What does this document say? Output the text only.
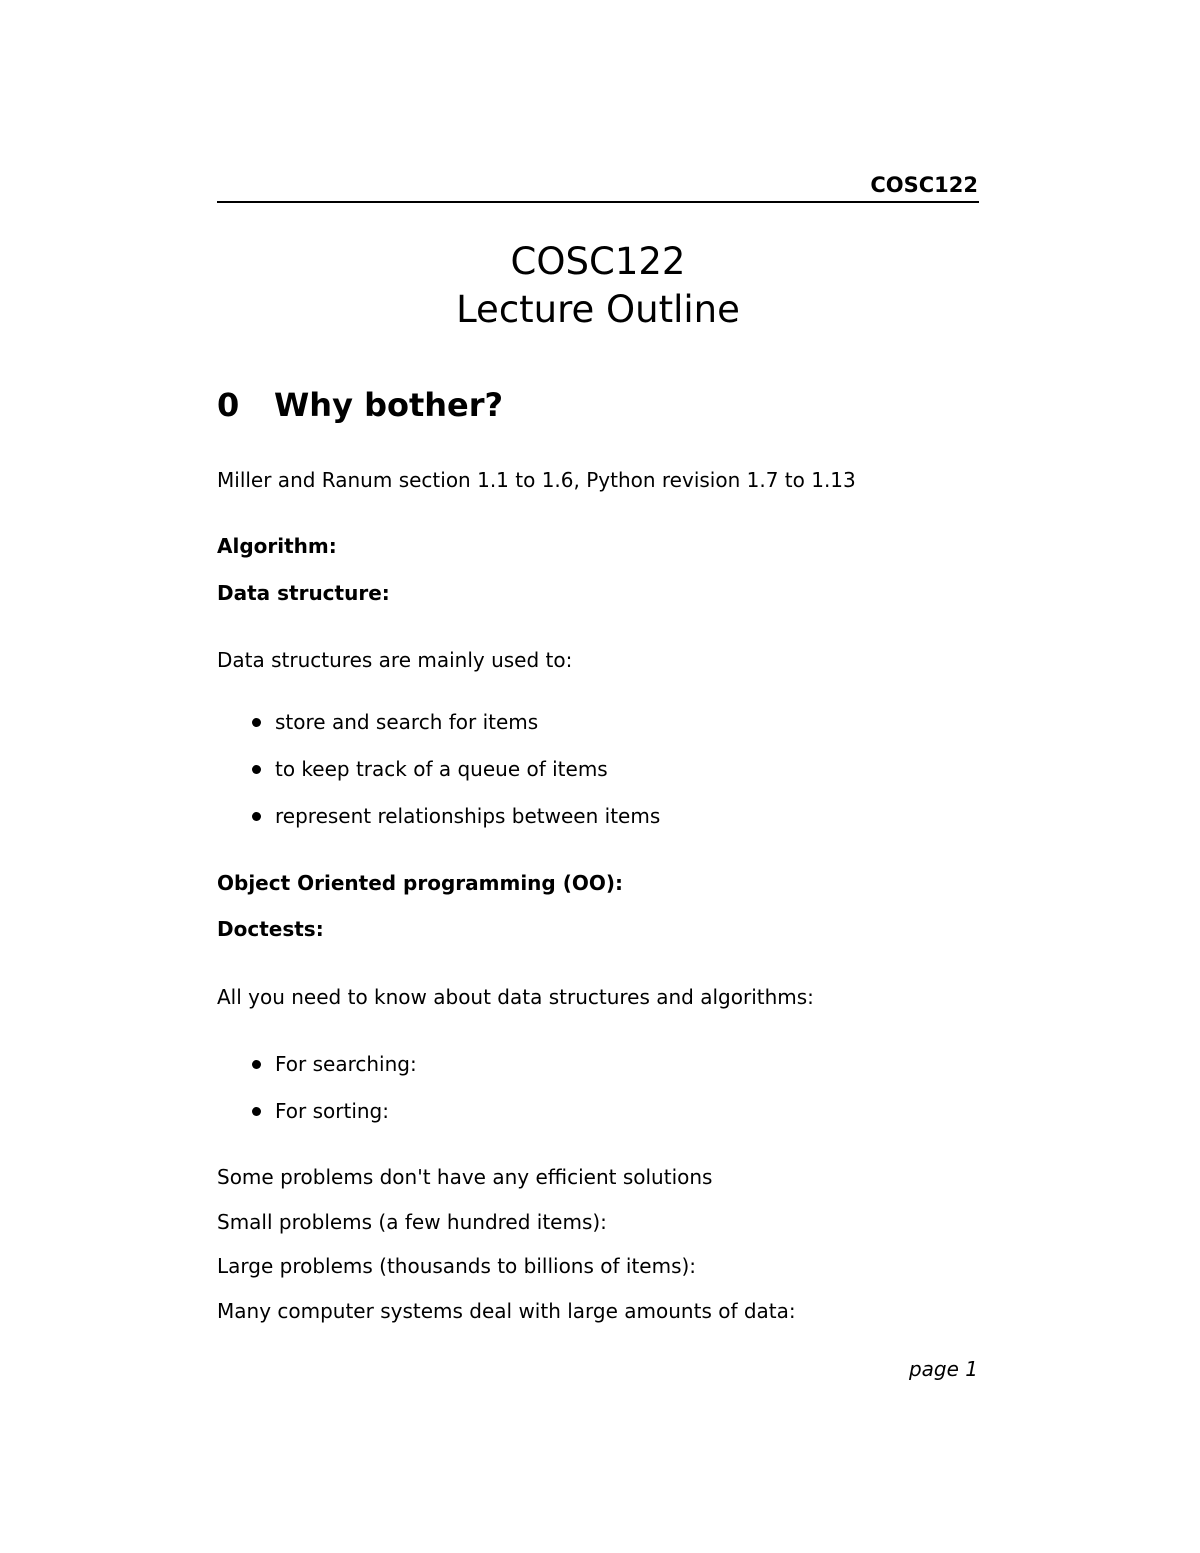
COSC122
COSC122
Lecture Outline
0 Why bother?
Miller and Ranum section 1.1 to 1.6, Python revision 1.7 to 1.13
Algorithm:
Data structure:
Data structures are mainly used to:
store and search for items
to keep track of a queue of items
represent relationships between items
Object Oriented programming (OO):
Doctests:
All you need to know about data structures and algorithms:
For searching:
For sorting:
Some problems don't have any efficient solutions
Small problems (a few hundred items):
Large problems (thousands to billions of items):
Many computer systems deal with large amounts of data:
page 1
